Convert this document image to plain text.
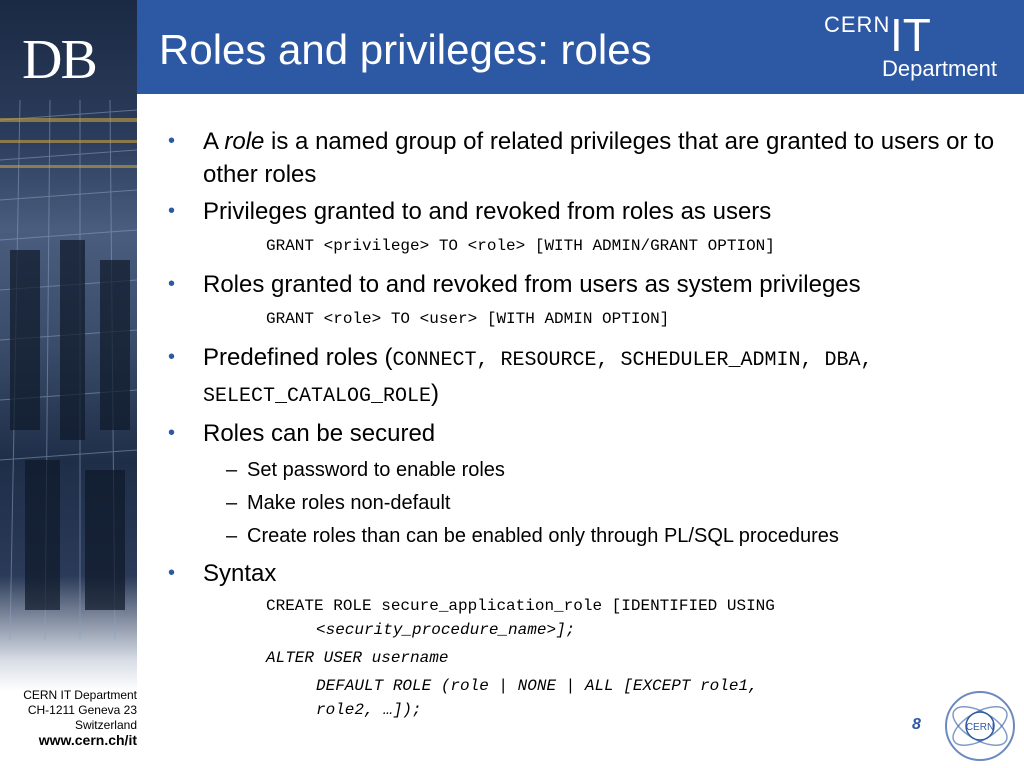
DB Roles and privileges: roles
CERN IT
Department
• A role is a named group of related privileges that are granted to users or to other roles
• Privileges granted to and revoked from roles as users
GRANT <privilege> TO <role> [WITH ADMIN/GRANT OPTION]
• Roles granted to and revoked from users as system privileges
GRANT <role> TO <user> [WITH ADMIN OPTION]
• Predefined roles (CONNECT, RESOURCE, SCHEDULER_ADMIN, DBA, SELECT_CATALOG_ROLE)
• Roles can be secured
– Set password to enable roles
– Make roles non-default
– Create roles than can be enabled only through PL/SQL procedures
• Syntax
CREATE ROLE secure_application_role [IDENTIFIED USING
<security_procedure_name>];
ALTER USER username
DEFAULT ROLE (role | NONE | ALL [EXCEPT role1,
role2, …]);
CERN IT Department
CH-1211 Geneva 23
Switzerland
www.cern.ch/it
8	CERN
